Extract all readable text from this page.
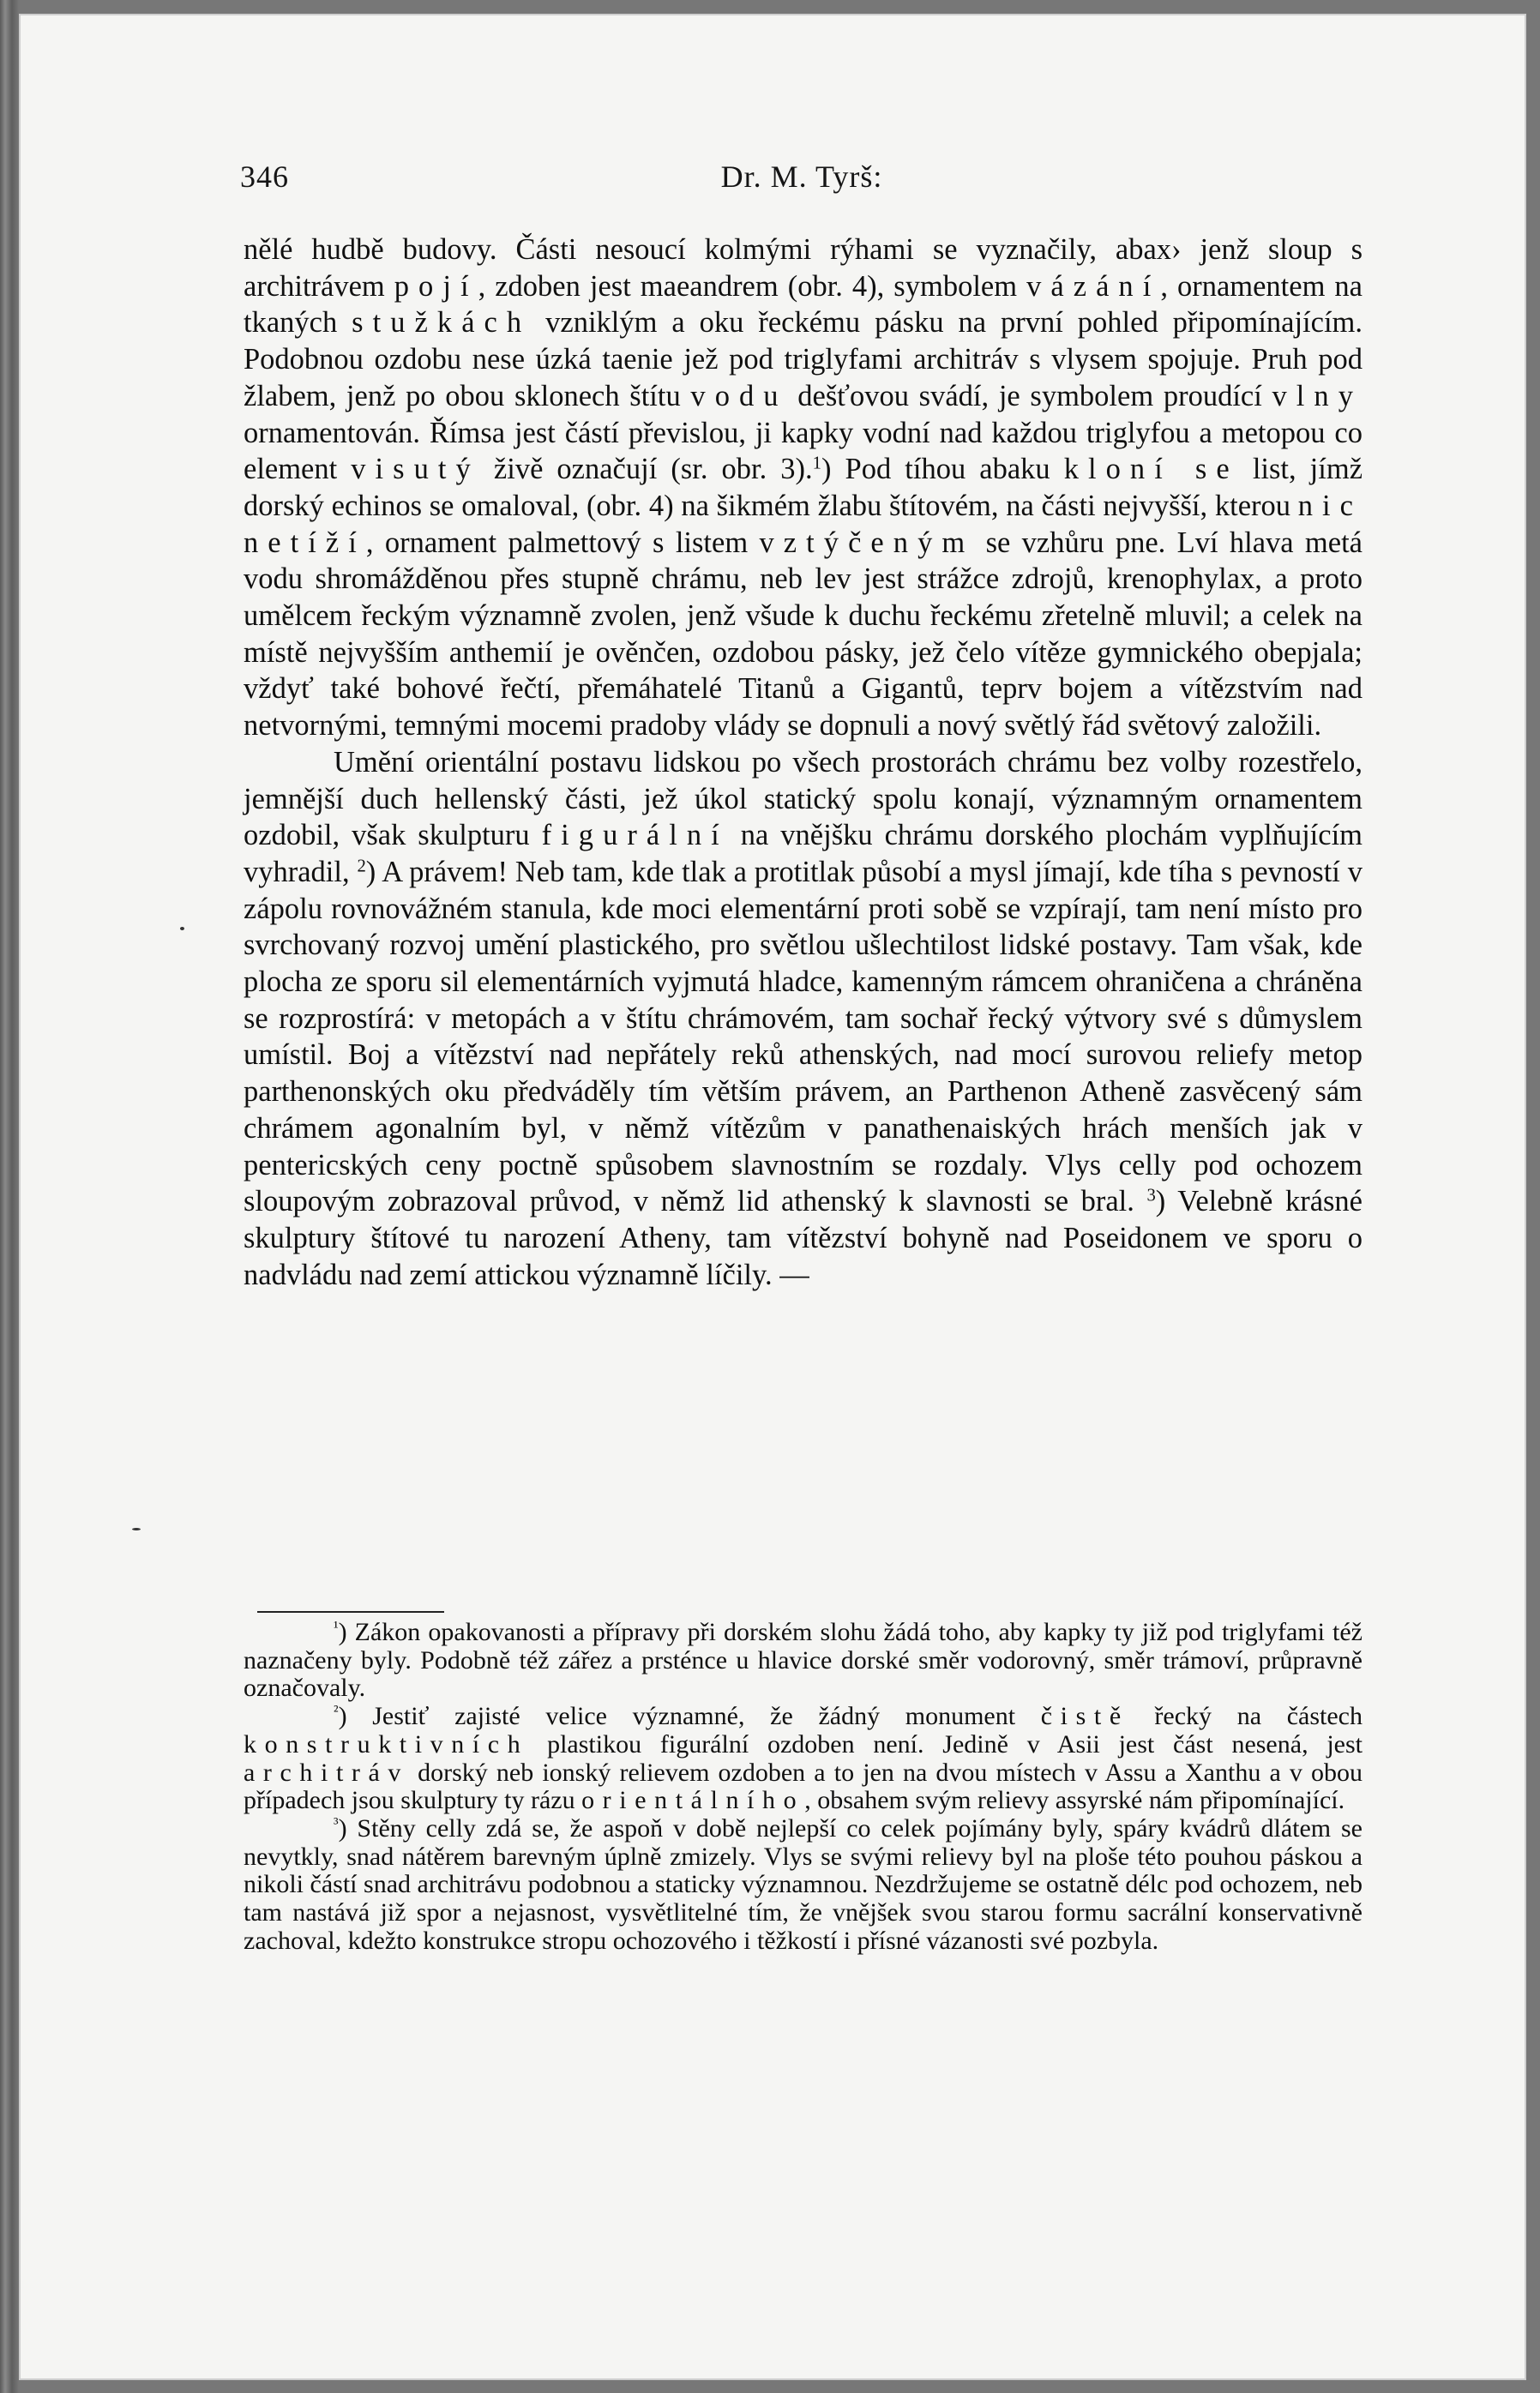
346	Dr. M. Tyrš:

nělé hudbě budovy. Části nesoucí kolmými rýhami se vyznačily, abax› jenž sloup s architrávem pojí, zdoben jest maeandrem (obr. 4), symbolem vázání, ornamentem na tkaných stužkách vzniklým a oku řeckému pásku na první pohled připomínajícím. Podobnou ozdobu nese úzká taenie jež pod triglyfami architráv s vlysem spojuje. Pruh pod žlabem, jenž po obou sklonech štítu vodu dešťovou svádí, je symbolem proudící vlny ornamentován. Římsa jest částí převislou, ji kapky vodní nad každou triglyfou a metopou co element visutý živě označují (sr. obr. 3).$^1$) Pod tíhou abaku kloní se list, jímž dorský echinos se omaloval, (obr. 4) na šikmém žlabu štítovém, na části nejvyšší, kterou nic netíží, ornament palmettový s listem vztýčeným se vzhůru pne. Lví hlava metá vodu shromážděnou přes stupně chrámu, neb lev jest strážce zdrojů, krenophylax, a proto umělcem řeckým významně zvolen, jenž všude k duchu řeckému zřetelně mluvil; a celek na místě nejvyšším anthemií je ověnčen, ozdobou pásky, jež čelo vítěze gymnického obepjala; vždyť také bohové řečtí, přemáhatelé Titanů a Gigantů, teprv bojem a vítězstvím nad netvornými, temnými mocemi pradoby vlády se dopnuli a nový světlý řád světový založili.

Umění orientální postavu lidskou po všech prostorách chrámu bez volby rozestřelo, jemnější duch hellenský části, jež úkol statický spolu konají, významným ornamentem ozdobil, však skulpturu figurální na vnějšku chrámu dorského plochám vyplňujícím vyhradil, $^2$) A právem! Neb tam, kde tlak a protitlak působí a mysl jímají, kde tíha s pevností v zápolu rovnovážném stanula, kde moci elementární proti sobě se vzpírají, tam není místo pro svrchovaný rozvoj umění plastického, pro světlou ušlechtilost lidské postavy. Tam však, kde plocha ze sporu sil elementárních vyjmutá hladce, kamenným rámcem ohraničena a chráněna se rozprostírá: v metopách a v štítu chrámovém, tam sochař řecký výtvory své s důmyslem umístil. Boj a vítězství nad nepřátely reků athenských, nad mocí surovou reliefy metop parthenonských oku předváděly tím větším právem, an Parthenon Atheně zasvěcený sám chrámem agonalním byl, v němž vítězům v panathenaiských hrách menších jak v pentericských ceny poctně spůsobem slavnostním se rozdaly. Vlys celly pod ochozem sloupovým zobrazoval průvod, v němž lid athenský k slavnosti se bral. $^3$) Velebně krásné skulptury štítové tu narození Atheny, tam vítězství bohyně nad Poseidonem ve sporu o nadvládu nad zemí attickou významně líčily. —

$^{^1}$) Zákon opakovanosti a přípravy při dorském slohu žádá toho, aby kapky ty již pod triglyfami též naznačeny byly. Podobně též zářez a prsténce u hlavice dorské směr vodorovný, směr trámoví, průpravně označovaly.

$^{^2}$) Jestiť zajisté velice významné, že žádný monument čistě řecký na částech konstruktivních plastikou figurální ozdoben není. Jedině v Asii jest část nesená, jest architráv dorský neb ionský relievem ozdoben a to jen na dvou místech v Assu a Xanthu a v obou případech jsou skulptury ty rázu orientálního, obsahem svým relievy assyrské nám připomínající.

$^{^3}$) Stěny celly zdá se, že aspoň v době nejlepší co celek pojímány byly, spáry kvádrů dlátem se nevytkly, snad nátěrem barevným úplně zmizely. Vlys se svými relievy byl na ploše této pouhou páskou a nikoli částí snad architrávu podobnou a staticky významnou. Nezdržujeme se ostatně délc pod ochozem, neb tam nastává již spor a nejasnost, vysvětlitelné tím, že vnějšek svou starou formu sacrální konservativně zachoval, kdežto konstrukce stropu ochozového i těžkostí i přísné vázanosti své pozbyla.
